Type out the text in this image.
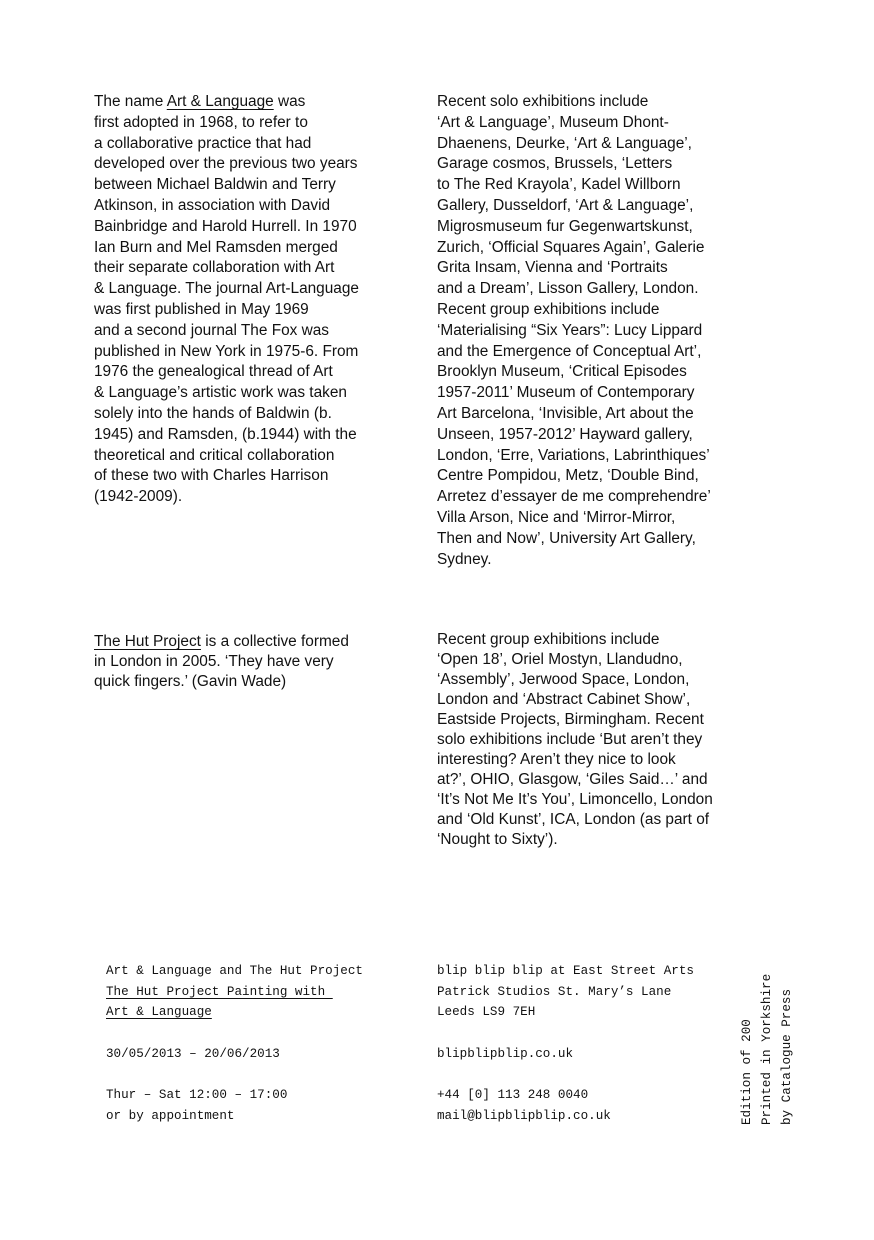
The name Art & Language was
first adopted in 1968, to refer to
a collaborative practice that had
developed over the previous two years
between Michael Baldwin and Terry
Atkinson, in association with David
Bainbridge and Harold Hurrell. In 1970
Ian Burn and Mel Ramsden merged
their separate collaboration with Art
& Language. The journal Art-Language
was first published in May 1969
and a second journal The Fox was
published in New York in 1975-6. From
1976 the genealogical thread of Art
& Language’s artistic work was taken
solely into the hands of Baldwin (b.
1945) and Ramsden, (b.1944) with the
theoretical and critical collaboration
of these two with Charles Harrison
(1942-2009).

Recent solo exhibitions include
‘Art & Language’, Museum Dhont-
Dhaenens, Deurke, ‘Art & Language’,
Garage cosmos, Brussels, ‘Letters
to The Red Krayola’, Kadel Willborn
Gallery, Dusseldorf, ‘Art & Language’,
Migrosmuseum fur Gegenwartskunst,
Zurich, ‘Official Squares Again’, Galerie
Grita Insam, Vienna and ‘Portraits
and a Dream’, Lisson Gallery, London.
Recent group exhibitions include
‘Materialising “Six Years”: Lucy Lippard
and the Emergence of Conceptual Art’,
Brooklyn Museum, ‘Critical Episodes
1957-2011’ Museum of Contemporary
Art Barcelona, ‘Invisible, Art about the
Unseen, 1957-2012’ Hayward gallery,
London, ‘Erre, Variations, Labrinthiques’
Centre Pompidou, Metz, ‘Double Bind,
Arretez d’essayer de me comprehendre’
Villa Arson, Nice and ‘Mirror-Mirror,
Then and Now’, University Art Gallery,
Sydney.

The Hut Project is a collective formed
in London in 2005. ‘They have very
quick fingers.’ (Gavin Wade)

Recent group exhibitions include
‘Open 18’, Oriel Mostyn, Llandudno,
‘Assembly’, Jerwood Space, London,
London and ‘Abstract Cabinet Show’,
Eastside Projects, Birmingham. Recent
solo exhibitions include ‘But aren’t they
interesting? Aren’t they nice to look
at?’, OHIO, Glasgow, ‘Giles Said…’ and
‘It’s Not Me It’s You’, Limoncello, London
and ‘Old Kunst’, ICA, London (as part of
‘Nought to Sixty’).

Art & Language and The Hut Project
The Hut Project Painting with
Art & Language
30/05/2013 – 20/06/2013
Thur – Sat 12:00 – 17:00
or by appointment
blip blip blip at East Street Arts
Patrick Studios St. Mary’s Lane
Leeds LS9 7EH
blipblipblip.co.uk
+44 [0] 113 248 0040
mail@blipblipblip.co.uk	Edition of 200 Printed in Yorkshire by Catalogue Press
